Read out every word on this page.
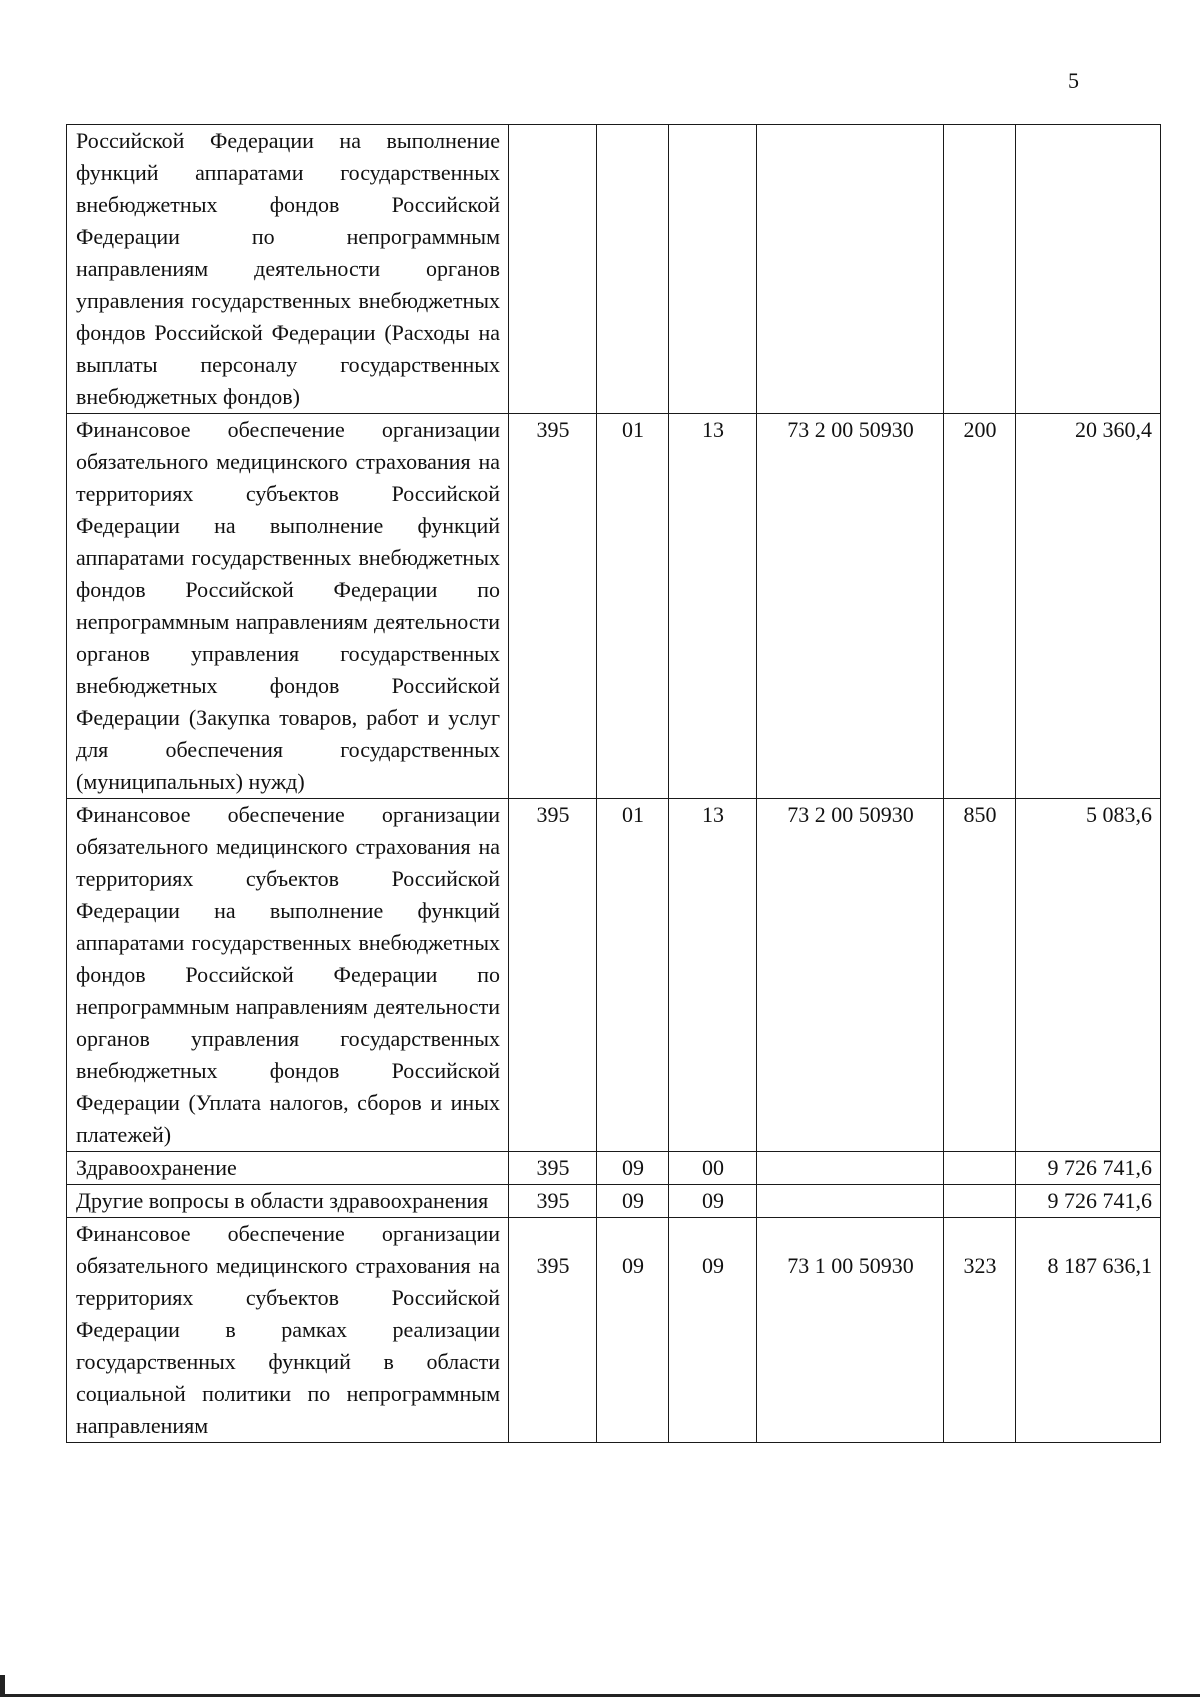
5
Российской Федерации на выполнение функций аппаратами государственных внебюджетных фондов Российской Федерации по непрограммным направлениям деятельности органов управления государственных внебюджетных фондов Российской Федерации (Расходы на выплаты персоналу государственных внебюджетных фондов)						
Финансовое обеспечение организации обязательного медицинского страхования на территориях субъектов Российской Федерации на выполнение функций аппаратами государственных внебюджетных фондов Российской Федерации по непрограммным направлениям деятельности органов управления государственных внебюджетных фондов Российской Федерации (Закупка товаров, работ и услуг для обеспечения государственных (муниципальных) нужд)	395	01	13	73 2 00 50930	200	20 360,4
Финансовое обеспечение организации обязательного медицинского страхования на территориях субъектов Российской Федерации на выполнение функций аппаратами государственных внебюджетных фондов Российской Федерации по непрограммным направлениям деятельности органов управления государственных внебюджетных фондов Российской Федерации (Уплата налогов, сборов и иных платежей)	395	01	13	73 2 00 50930	850	5 083,6
Здравоохранение	395	09	00			9 726 741,6
Другие вопросы в области здравоохранения	395	09	09			9 726 741,6
Финансовое обеспечение организации обязательного медицинского страхования на территориях субъектов Российской Федерации в рамках реализации государственных функций в области социальной политики по непрограммным направлениям	395	09	09	73 1 00 50930	323	8 187 636,1
